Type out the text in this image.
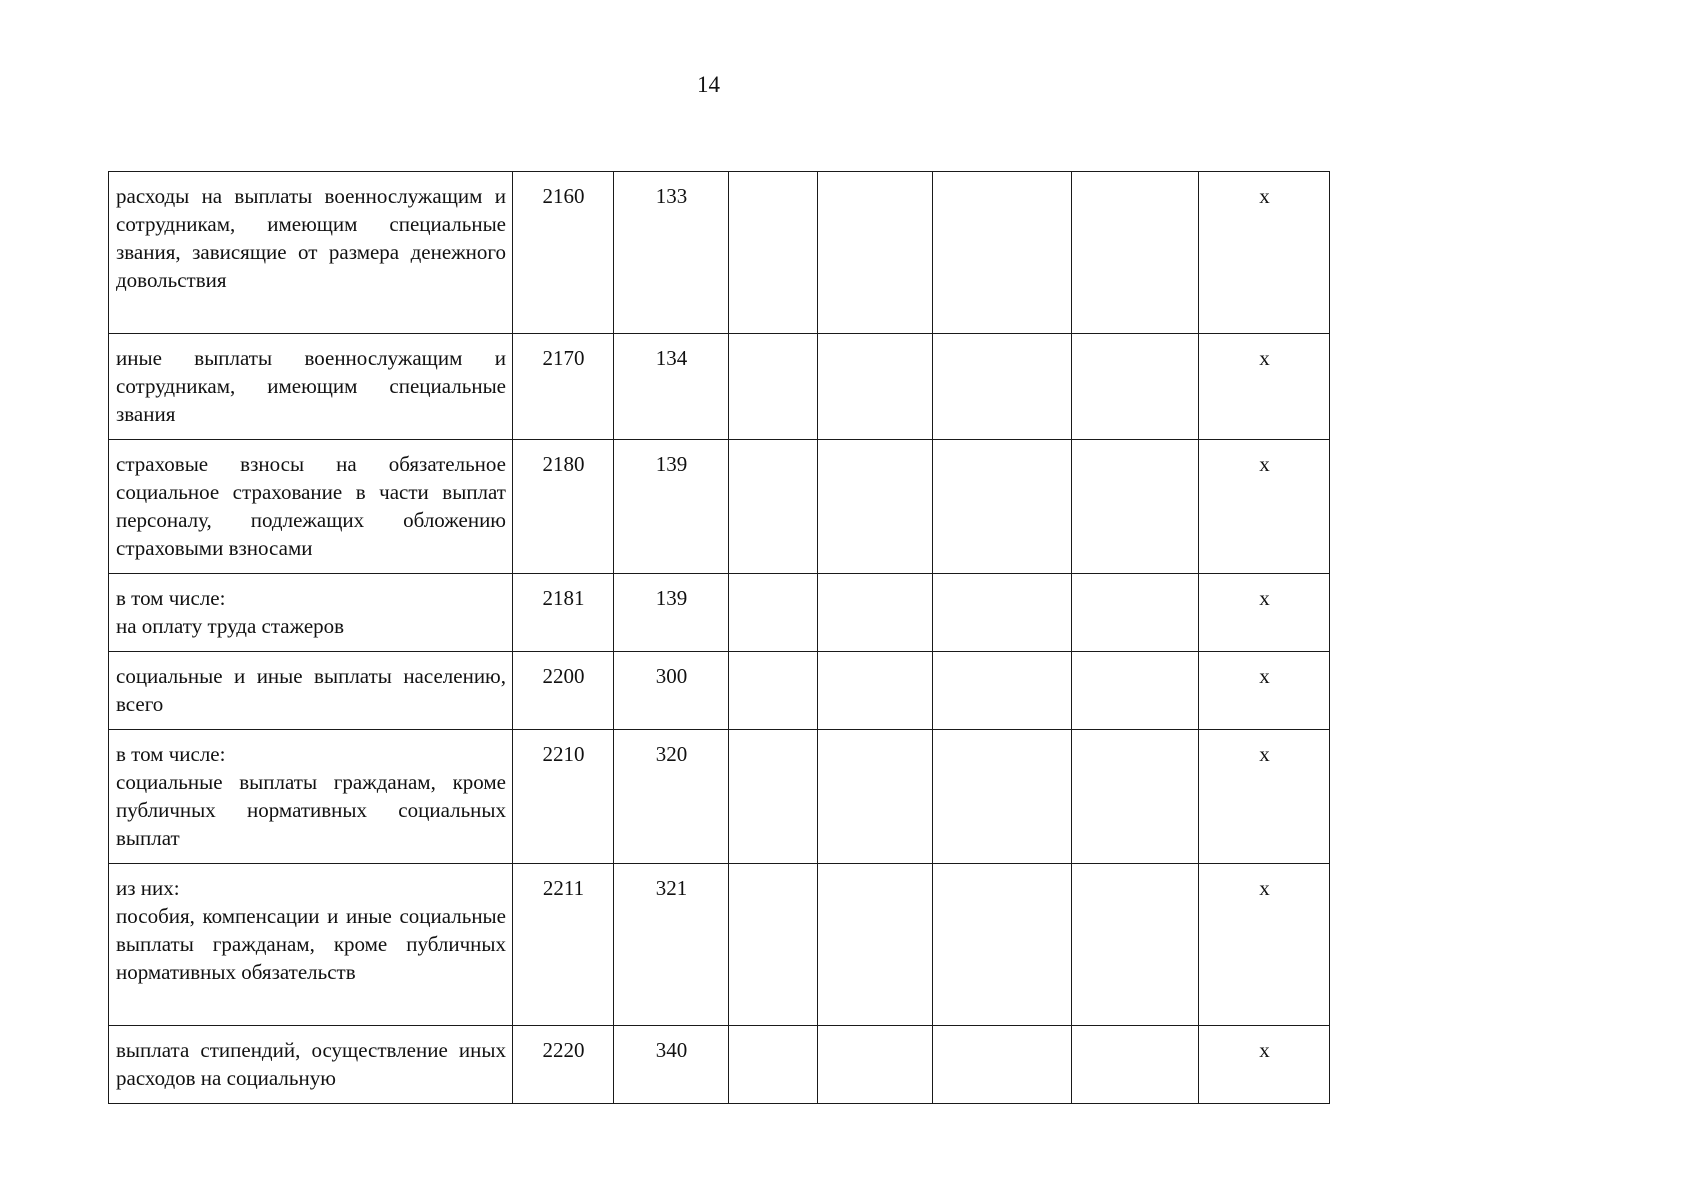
14
расходы на выплаты военнослужащим и сотрудникам, имеющим специальные звания, зависящие от размера денежного довольствия	2160	133					x

иные выплаты военнослужащим и сотрудникам, имеющим специальные звания	2170	134					x

страховые взносы на обязательное социальное страхование в части выплат персоналу, подлежащих обложению страховыми взносами	2180	139					x

в том числе:
на оплату труда стажеров	2181	139					x

социальные и иные выплаты населению, всего	2200	300					x

в том числе:
социальные выплаты гражданам, кроме публичных нормативных социальных выплат	2210	320					x

из них:
пособия, компенсации и иные социальные выплаты гражданам, кроме публичных нормативных обязательств	2211	321					x

выплата стипендий, осуществление иных расходов на социальную	2220	340					x
